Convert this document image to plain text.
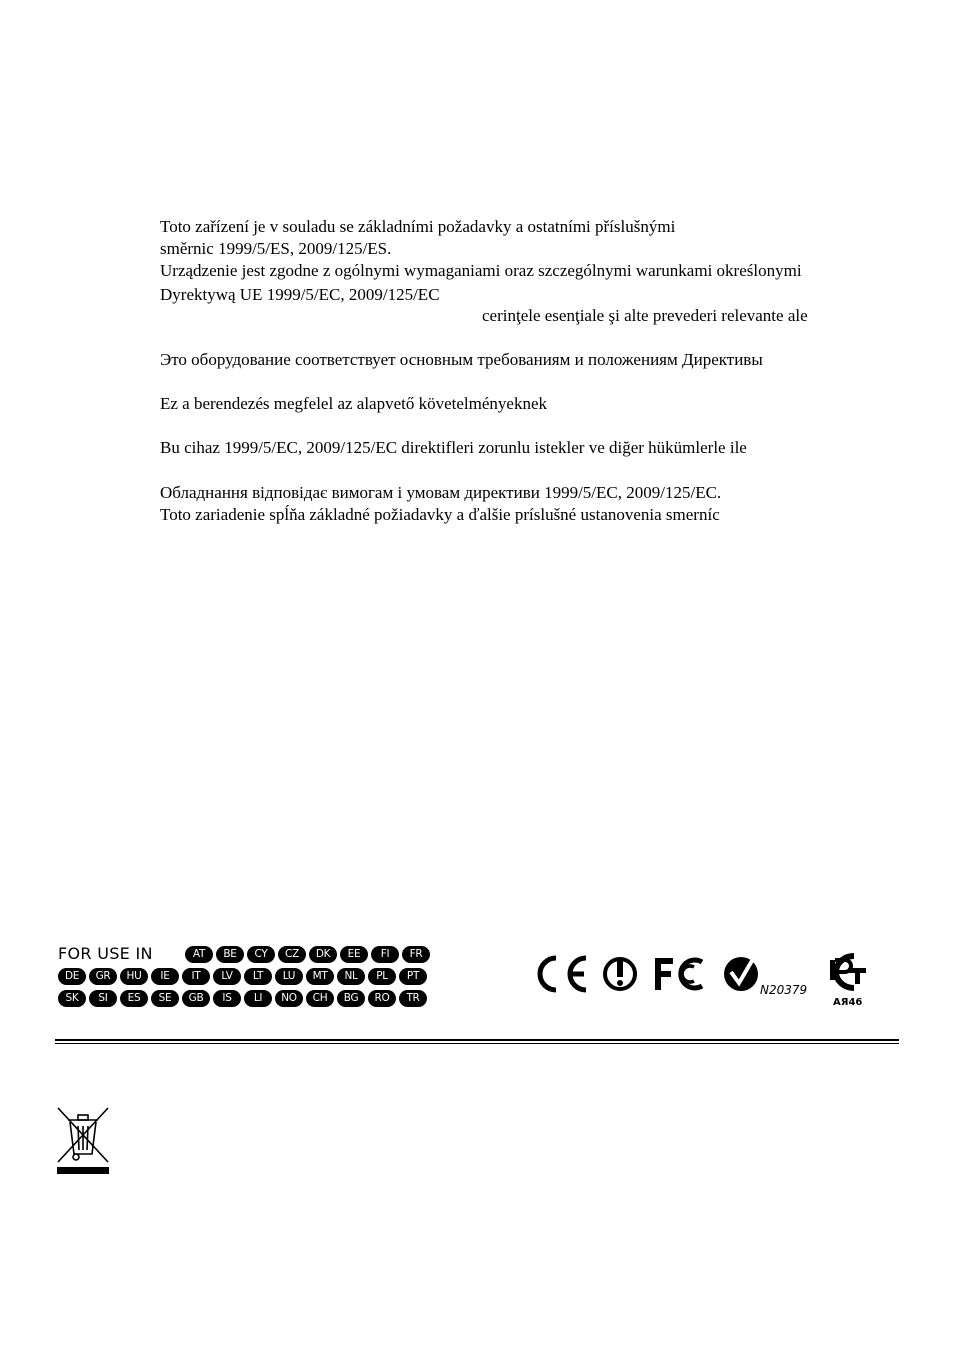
Toto zařízení je v souladu se základními požadavky a ostatními příslušnými
směrnic 1999/5/ES, 2009/125/ES.
Urządzenie jest zgodne z ogólnymi wymaganiami oraz szczególnymi warunkami określonymi
Dyrektywą UE 1999/5/EC, 2009/125/EC
cerinţele esenţiale şi alte prevederi relevante ale
Это оборудование соответствует основным требованиям и положениям Директивы
Ez a berendezés megfelel az alapvető követelményeknek
Bu cihaz 1999/5/EC, 2009/125/EC direktifleri zorunlu istekler ve diğer hükümlerle ile
Обладнання відповідає вимогам і умовам директиви 1999/5/EC, 2009/125/EC.
Toto zariadenie spĺňa základné požiadavky a ďalšie príslušné ustanovenia smerníc
FOR USE IN	AT	BE	CY	CZ	DK	EE	FI	FR
DE	GR	HU	IE	IT	LV	LT	LU	MT	NL	PL	PT
SK	SI	ES	SE	GB	IS	LI	NO	CH	BG	RO	TR
N20379
AЯ46
